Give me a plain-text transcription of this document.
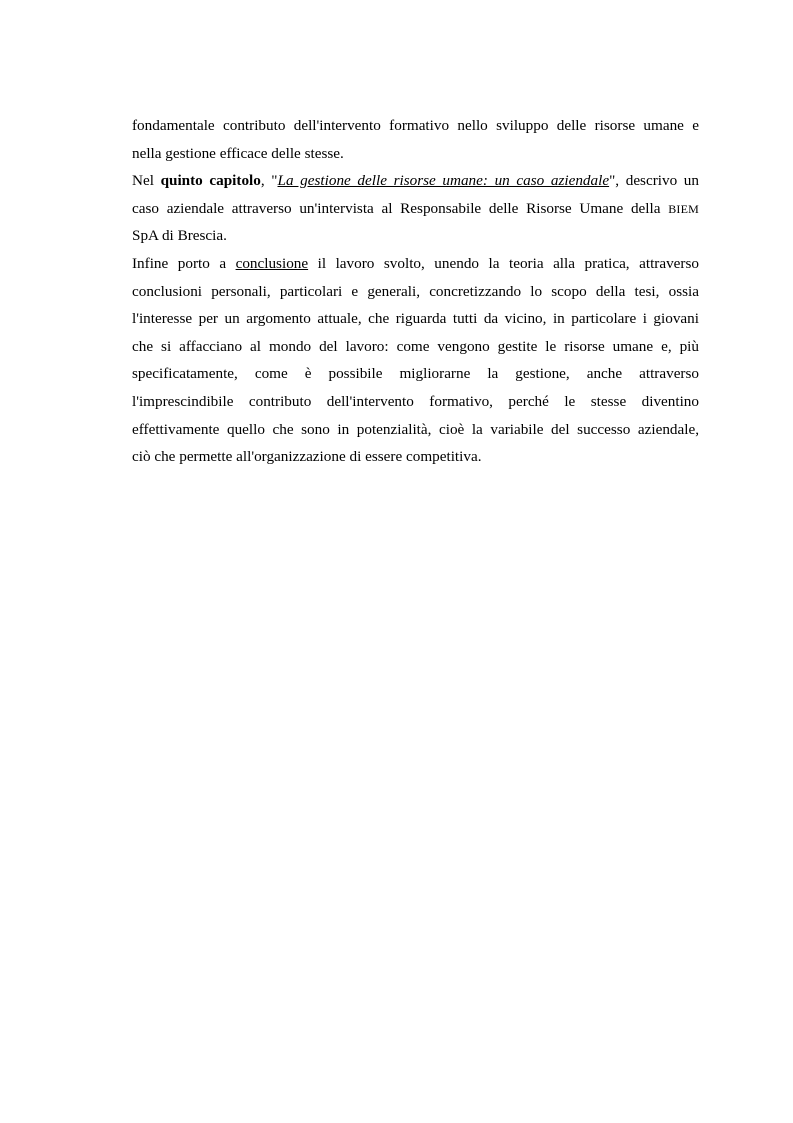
fondamentale contributo dell'intervento formativo nello sviluppo delle risorse umane e
nella gestione efficace delle stesse.
Nel quinto capitolo, "La gestione delle risorse umane: un caso aziendale", descrivo un
caso aziendale attraverso un'intervista al Responsabile delle Risorse Umane della BIEM
SpA di Brescia.
Infine porto a conclusione il lavoro svolto, unendo la teoria alla pratica, attraverso
conclusioni personali, particolari e generali, concretizzando lo scopo della tesi, ossia
l'interesse per un argomento attuale, che riguarda tutti da vicino, in particolare i giovani
che si affacciano al mondo del lavoro: come vengono gestite le risorse umane e, più
specificatamente, come è possibile migliorarne la gestione, anche attraverso
l'imprescindibile contributo dell'intervento formativo, perché le stesse diventino
effettivamente quello che sono in potenzialità, cioè la variabile del successo aziendale,
ciò che permette all'organizzazione di essere competitiva.
